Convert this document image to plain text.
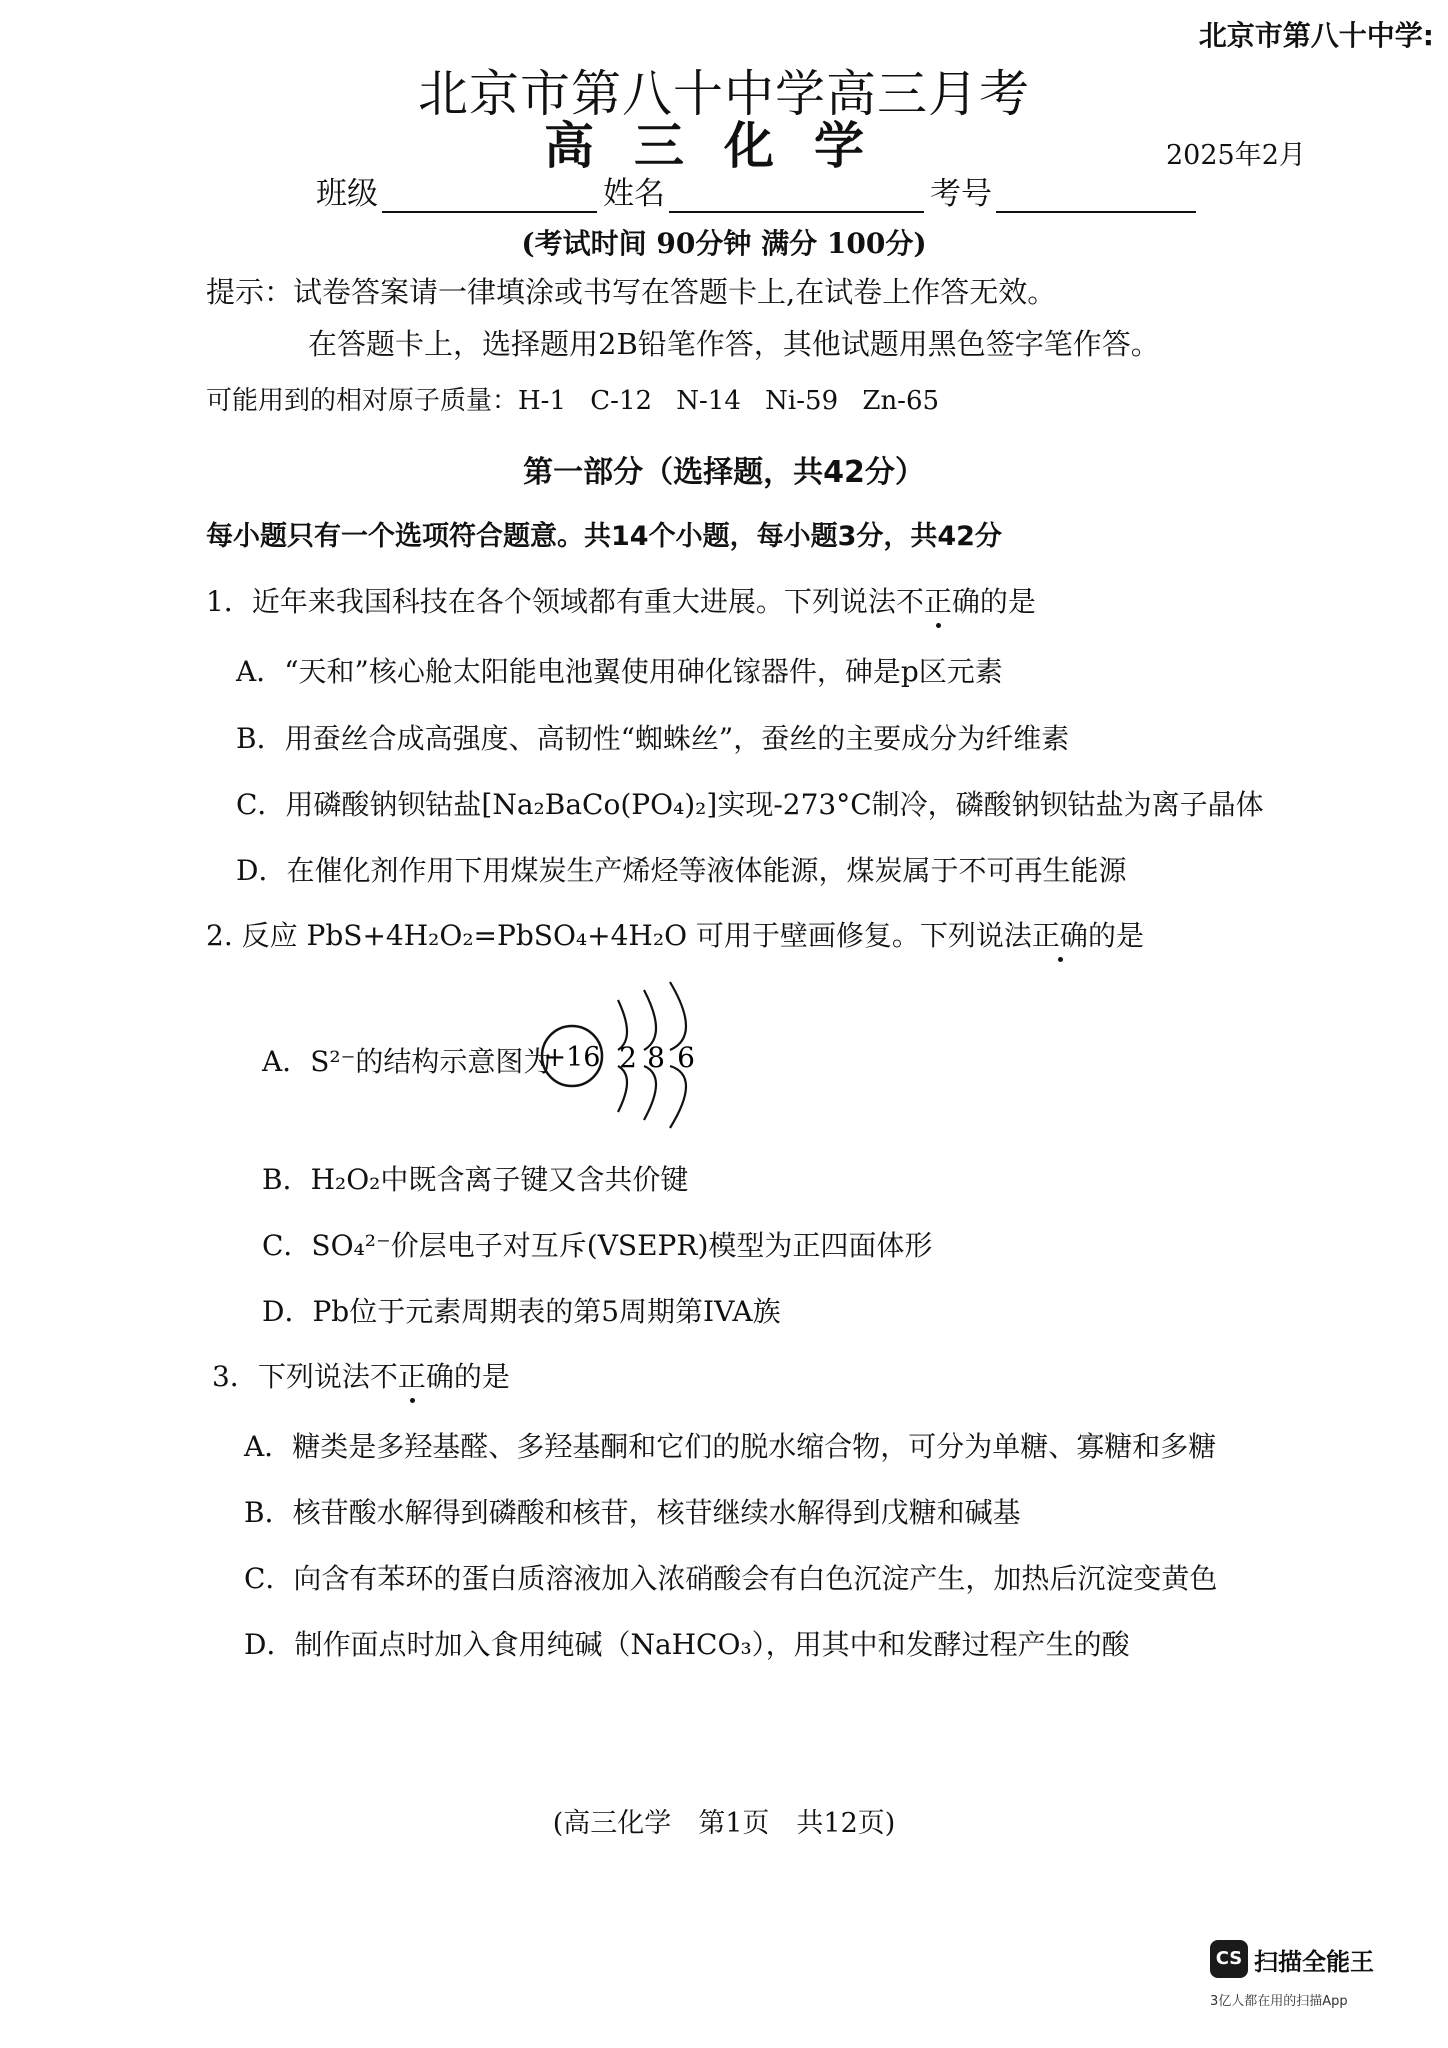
北京市第八十中学:
北京市第八十中学高三月考
高三化学	2025年2月
班级	姓名	考号
(考试时间 90分钟 满分 100分)
提示：试卷答案请一律填涂或书写在答题卡上,在试卷上作答无效。
在答题卡上，选择题用2B铅笔作答，其他试题用黑色签字笔作答。
可能用到的相对原子质量：H-1 C-12 N-14 Ni-59 Zn-65
第一部分（选择题，共42分）
每小题只有一个选项符合题意。共14个小题，每小题3分，共42分
1．近年来我国科技在各个领域都有重大进展。下列说法不正确的是
A．“天和”核心舱太阳能电池翼使用砷化镓器件，砷是p区元素
B．用蚕丝合成高强度、高韧性“蜘蛛丝”，蚕丝的主要成分为纤维素
C．用磷酸钠钡钴盐[Na₂BaCo(PO₄)₂]实现-273°C制冷，磷酸钠钡钴盐为离子晶体
D．在催化剂作用下用煤炭生产烯烃等液体能源，煤炭属于不可再生能源
2. 反应 PbS+4H₂O₂=PbSO₄+4H₂O 可用于壁画修复。下列说法正确的是
A．S²⁻的结构示意图为
+16 2 8 6
B．H₂O₂中既含离子键又含共价键
C．SO₄²⁻价层电子对互斥(VSEPR)模型为正四面体形
D．Pb位于元素周期表的第5周期第IVA族
3．下列说法不正确的是
A．糖类是多羟基醛、多羟基酮和它们的脱水缩合物，可分为单糖、寡糖和多糖
B．核苷酸水解得到磷酸和核苷，核苷继续水解得到戊糖和碱基
C．向含有苯环的蛋白质溶液加入浓硝酸会有白色沉淀产生，加热后沉淀变黄色
D．制作面点时加入食用纯碱（NaHCO₃），用其中和发酵过程产生的酸
(高三化学　第1页　共12页)
CS 扫描全能王
3亿人都在用的扫描App
